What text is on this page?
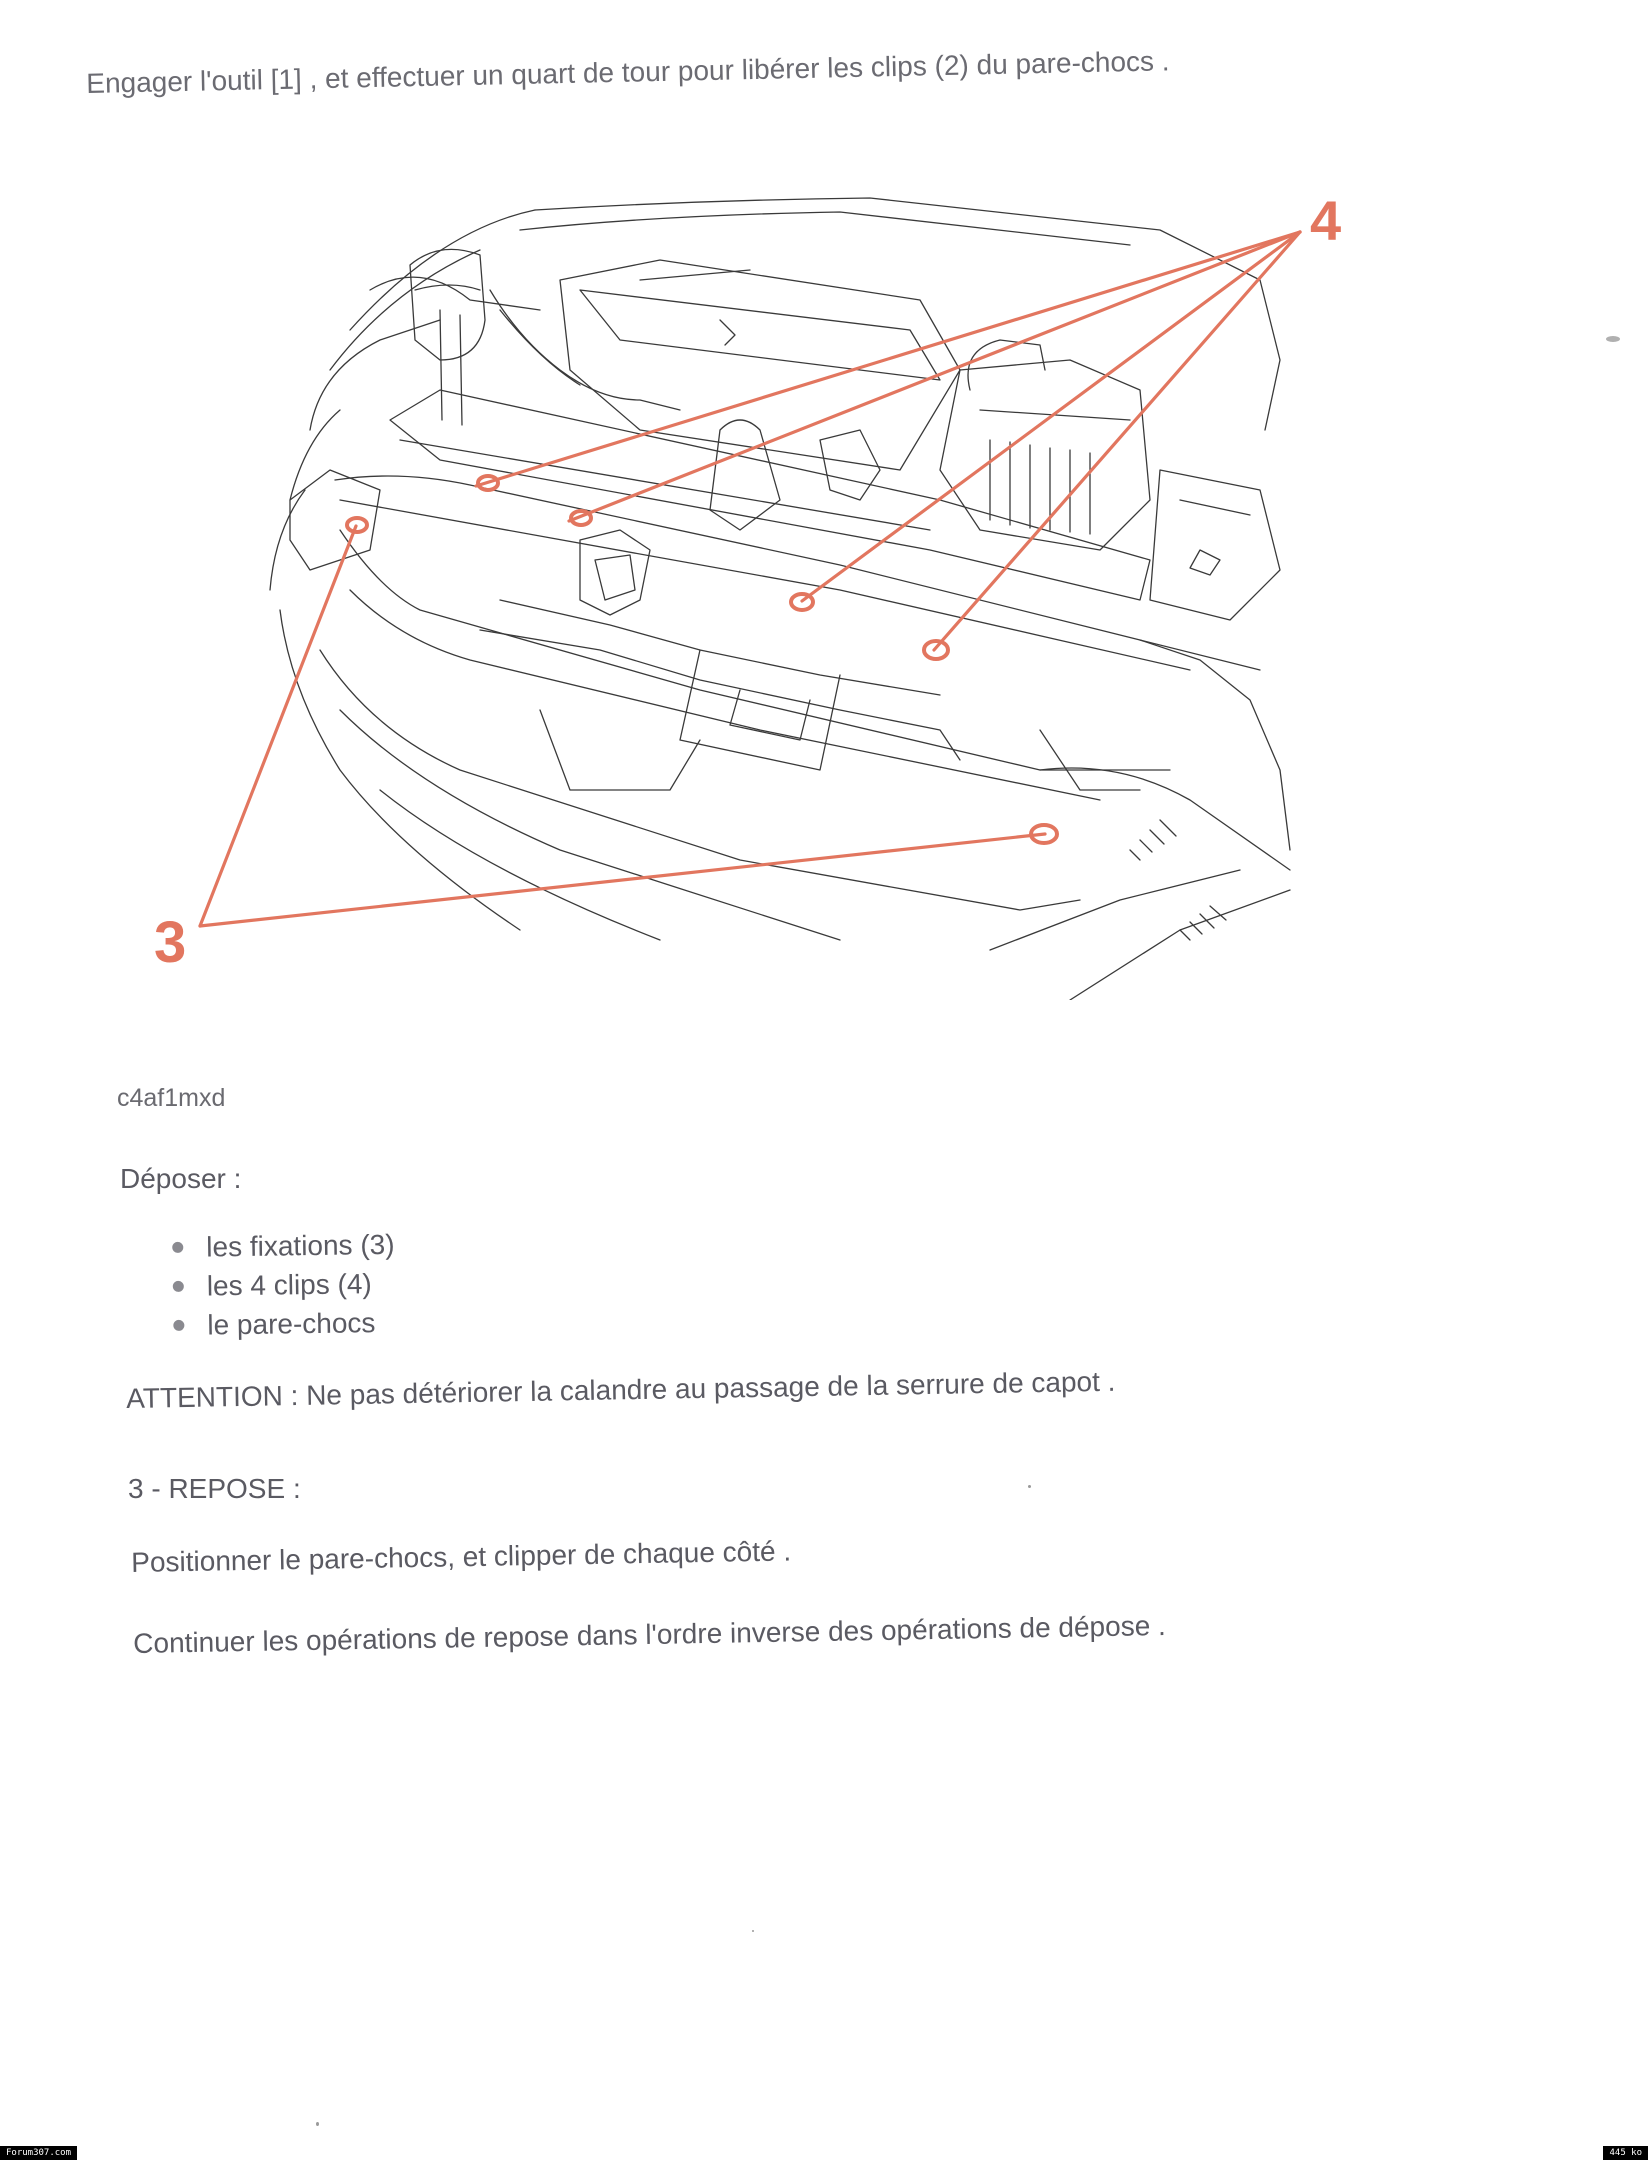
Engager l'outil [1] , et effectuer un quart de tour pour libérer les clips (2) du pare-chocs .
4
3
c4af1mxd
Déposer :
les fixations (3)
les 4 clips (4)
le pare-chocs
ATTENTION : Ne pas détériorer la calandre au passage de la serrure de capot .
3 - REPOSE :
Positionner le pare-chocs, et clipper de chaque côté .
Continuer les opérations de repose dans l'ordre inverse des opérations de dépose .
Forum307.com	445 ko
